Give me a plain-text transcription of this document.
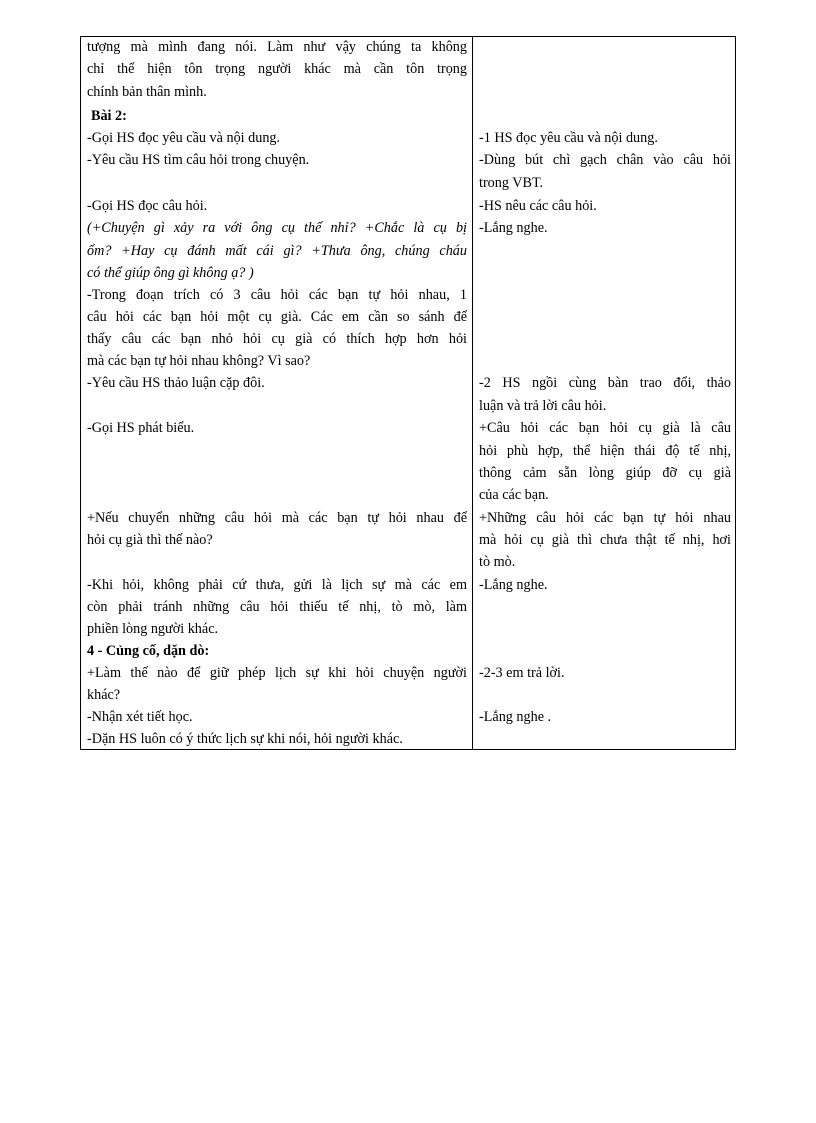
tượng mà mình đang nói. Làm như vậy chúng ta không
chỉ thể hiện tôn trọng người khác mà cần tôn trọng
chính bản thân mình.
Bài 2:
-Gọi HS đọc yêu cầu và nội dung.
-Yêu cầu HS tìm câu hỏi trong chuyện.
-Gọi HS đọc câu hỏi.
(+Chuyện gì xảy ra với ông cụ thế nhỉ? +Chắc là cụ bị
ốm? +Hay cụ đánh mất cái gì? +Thưa ông, chúng cháu
có thể giúp ông gì không ạ? )
-Trong đoạn trích có 3 câu hỏi các bạn tự hỏi nhau, 1
câu hỏi các bạn hỏi một cụ già. Các em cần so sánh để
thấy câu các bạn nhỏ hỏi cụ già có thích hợp hơn hỏi
mà các bạn tự hỏi nhau không? Vì sao?
-Yêu cầu HS thảo luận cặp đôi.
-Gọi HS phát biểu.
+Nếu chuyển những câu hỏi mà các bạn tự hỏi nhau để
hỏi cụ già thì thế nào?
-Khi hỏi, không phải cứ thưa, gửi là lịch sự mà các em
còn phải tránh những câu hỏi thiếu tế nhị, tò mò, làm
phiền lòng người khác.
4 - Củng cố, dặn dò:
+Làm thế nào để giữ phép lịch sự khi hỏi chuyện người
khác?
-Nhận xét tiết học.
-Dặn HS luôn có ý thức lịch sự khi nói, hỏi người khác.
-1 HS đọc yêu cầu và nội dung.
-Dùng bút chì gạch chân vào câu hỏi
trong VBT.
-HS nêu các câu hỏi.
-Lắng nghe.
-2 HS ngồi cùng bàn trao đổi, thảo
luận và trả lời câu hỏi.
+Câu hỏi các bạn hỏi cụ già là câu
hỏi phù hợp, thể hiện thái độ tế nhị,
thông cảm sẵn lòng giúp đỡ cụ già
của các bạn.
+Những câu hỏi các bạn tự hỏi nhau
mà hỏi cụ già thì chưa thật tế nhị, hơi
tò mò.
-Lắng nghe.
-2-3 em trả lời.
-Lắng nghe .
